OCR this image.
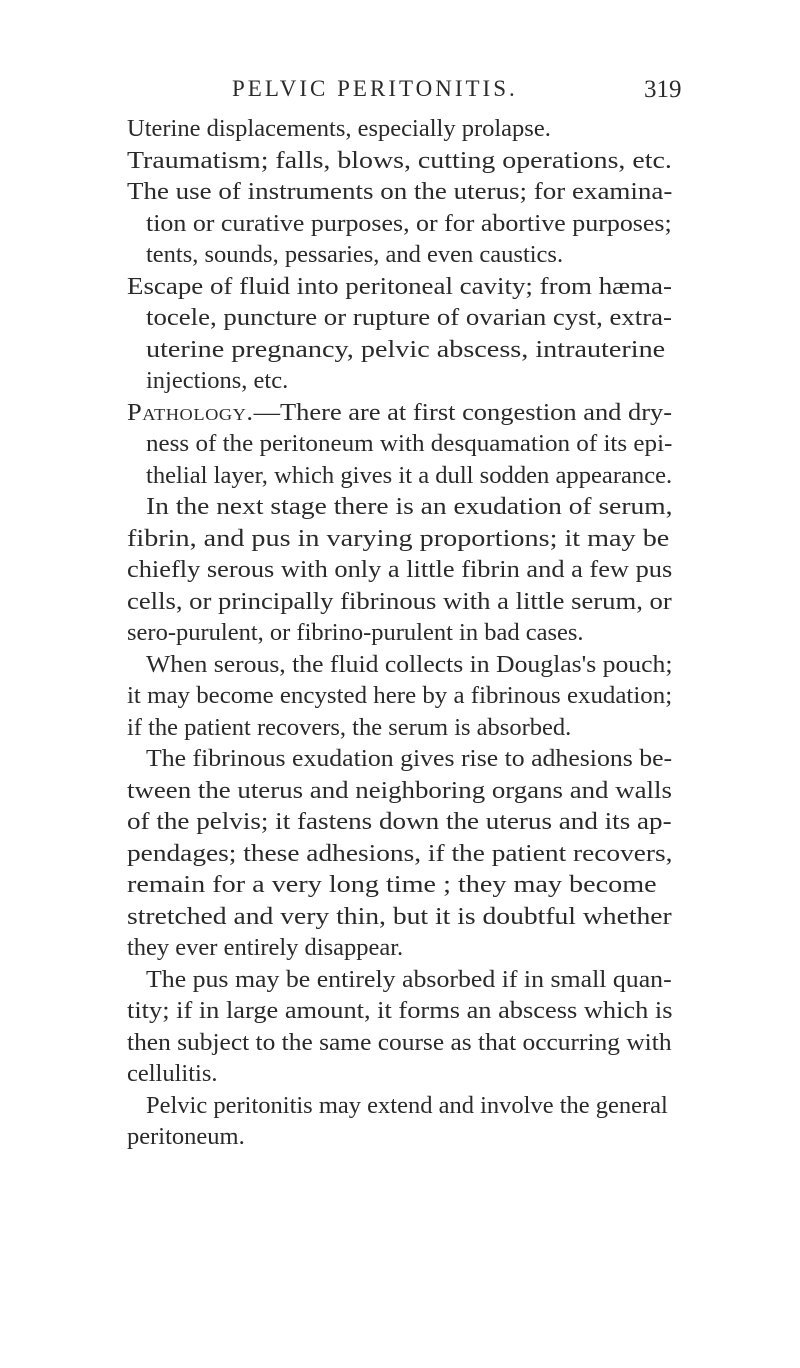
PELVIC PERITONITIS.	319
Uterine displacements, especially prolapse.
Traumatism; falls, blows, cutting operations, etc.
The use of instruments on the uterus; for examina-
tion or curative purposes, or for abortive purposes;
tents, sounds, pessaries, and even caustics.
Escape of fluid into peritoneal cavity; from hæma-
tocele, puncture or rupture of ovarian cyst, extra-
uterine pregnancy, pelvic abscess, intrauterine
injections, etc.
Pathology.—There are at first congestion and dry-
ness of the peritoneum with desquamation of its epi-
thelial layer, which gives it a dull sodden appearance.
In the next stage there is an exudation of serum,
fibrin, and pus in varying proportions; it may be
chiefly serous with only a little fibrin and a few pus
cells, or principally fibrinous with a little serum, or
sero-purulent, or fibrino-purulent in bad cases.
When serous, the fluid collects in Douglas's pouch;
it may become encysted here by a fibrinous exudation;
if the patient recovers, the serum is absorbed.
The fibrinous exudation gives rise to adhesions be-
tween the uterus and neighboring organs and walls
of the pelvis; it fastens down the uterus and its ap-
pendages; these adhesions, if the patient recovers,
remain for a very long time ; they may become
stretched and very thin, but it is doubtful whether
they ever entirely disappear.
The pus may be entirely absorbed if in small quan-
tity; if in large amount, it forms an abscess which is
then subject to the same course as that occurring with
cellulitis.
Pelvic peritonitis may extend and involve the general
peritoneum.
